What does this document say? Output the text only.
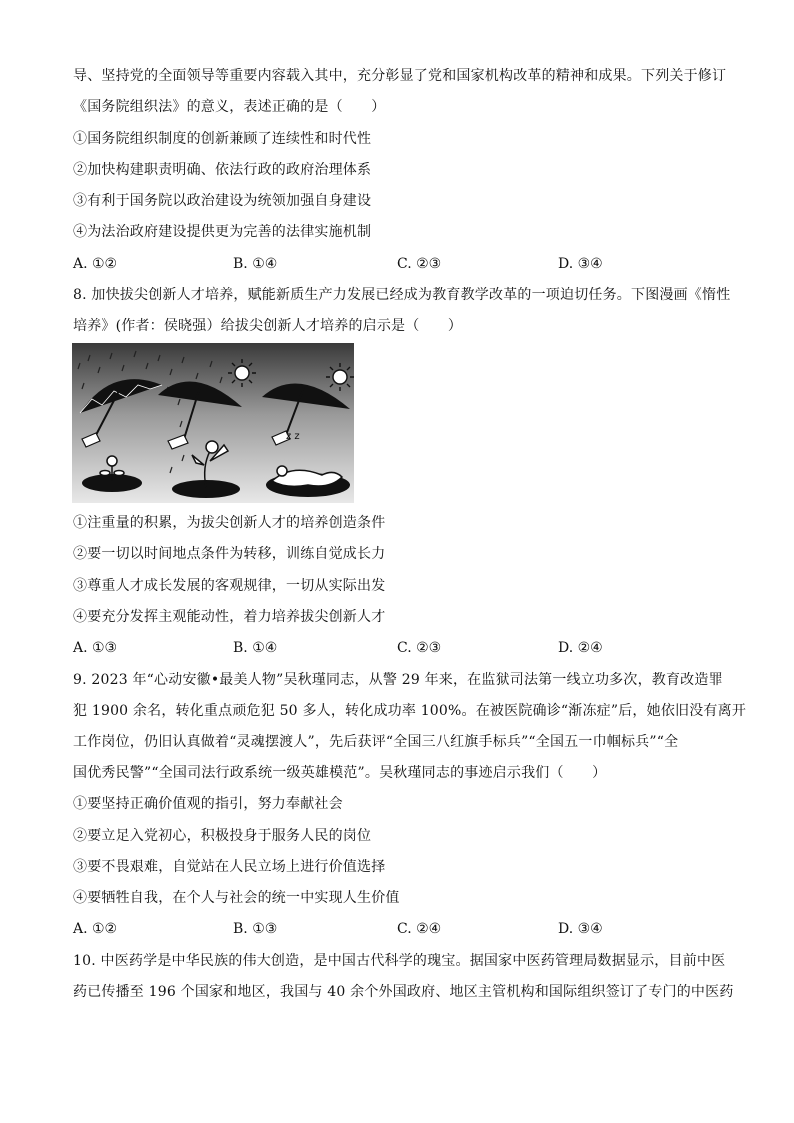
导、坚持党的全面领导等重要内容载入其中，充分彰显了党和国家机构改革的精神和成果。下列关于修订
《国务院组织法》的意义，表述正确的是（　　）
①国务院组织制度的创新兼顾了连续性和时代性
②加快构建职责明确、依法行政的政府治理体系
③有利于国务院以政治建设为统领加强自身建设
④为法治政府建设提供更为完善的法律实施机制
A. ①②	B. ①④	C. ②③	D. ③④
8. 加快拔尖创新人才培养，赋能新质生产力发展已经成为教育教学改革的一项迫切任务。下图漫画《惰性
培养》(作者：侯晓强）给拔尖创新人才培养的启示是（　　）
z z
①注重量的积累，为拔尖创新人才的培养创造条件
②要一切以时间地点条件为转移，训练自觉成长力
③尊重人才成长发展的客观规律，一切从实际出发
④要充分发挥主观能动性，着力培养拔尖创新人才
A. ①③	B. ①④	C. ②③	D. ②④
9. 2023 年“心动安徽•最美人物”吴秋瑾同志，从警 29 年来，在监狱司法第一线立功多次，教育改造罪
犯 1900 余名，转化重点顽危犯 50 多人，转化成功率 100%。在被医院确诊“渐冻症”后，她依旧没有离开
工作岗位，仍旧认真做着“灵魂摆渡人”，先后获评“全国三八红旗手标兵”“全国五一巾帼标兵”“全
国优秀民警”“全国司法行政系统一级英雄模范”。吴秋瑾同志的事迹启示我们（　　）
①要坚持正确价值观的指引，努力奉献社会
②要立足入党初心，积极投身于服务人民的岗位
③要不畏艰难，自觉站在人民立场上进行价值选择
④要牺牲自我，在个人与社会的统一中实现人生价值
A. ①②	B. ①③	C. ②④	D. ③④
10. 中医药学是中华民族的伟大创造，是中国古代科学的瑰宝。据国家中医药管理局数据显示，目前中医
药已传播至 196 个国家和地区，我国与 40 余个外国政府、地区主管机构和国际组织签订了专门的中医药
